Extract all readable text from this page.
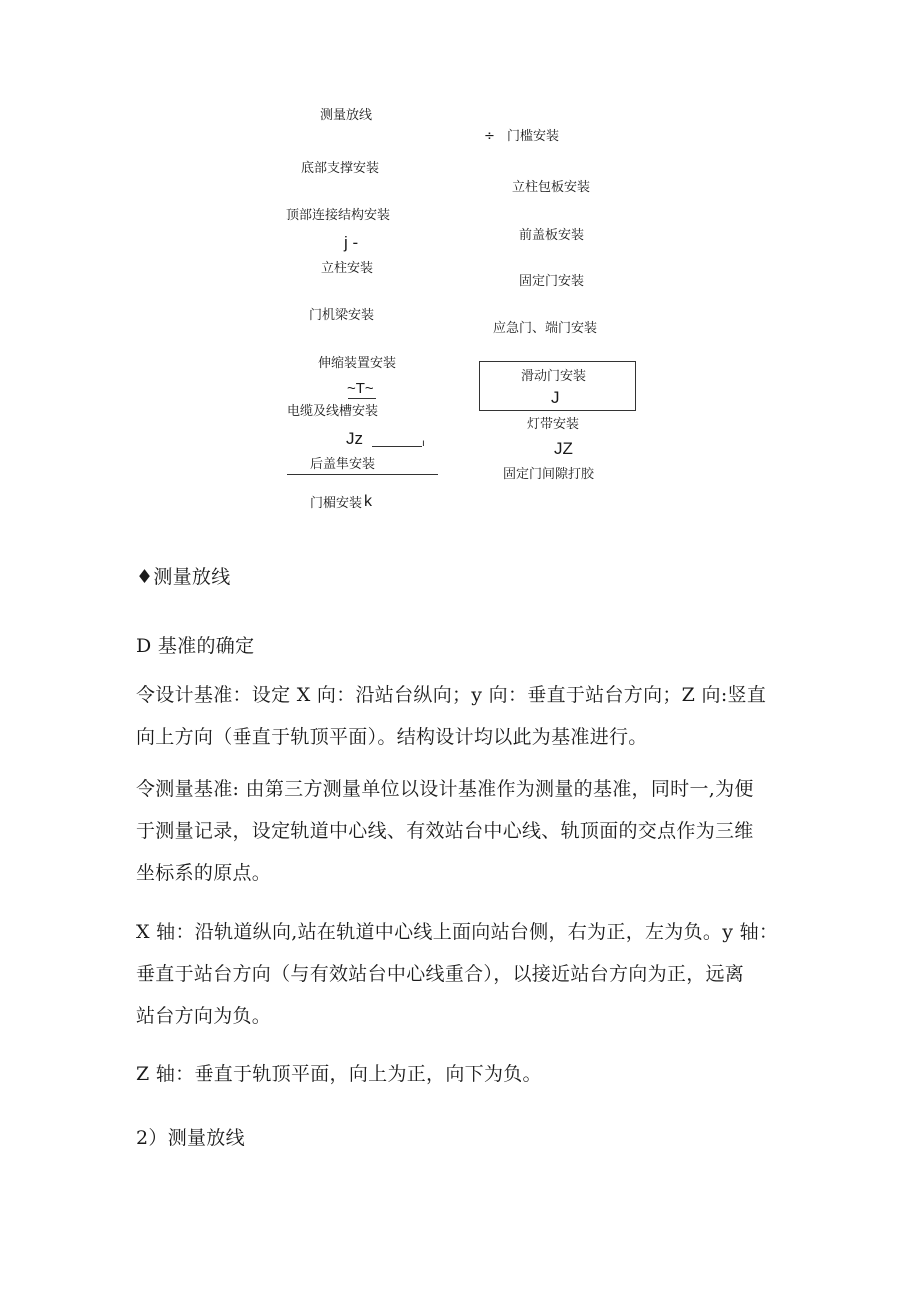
测量放线
底部支撑安装
顶部连接结构安装
j -
立柱安装
门机梁安装
伸缩装置安装
~T~
电缆及线槽安装
Jz	ı
后盖隼安装
门楣安装 k
÷ 门槛安装
立柱包板安装
前盖板安装
固定门安装
应急门、端门安装
滑动门安装
J
灯带安装
JZ
固定门间隙打胶
♦测量放线
D 基准的确定
令设计基准：设定 X 向：沿站台纵向；y 向：垂直于站台方向；Z 向:竖直
向上方向（垂直于轨顶平面）。结构设计均以此为基准进行。
令测量基准: 由第三方测量单位以设计基准作为测量的基准，同时一,为便
于测量记录，设定轨道中心线、有效站台中心线、轨顶面的交点作为三维
坐标系的原点。
X 轴：沿轨道纵向,站在轨道中心线上面向站台侧，右为正，左为负。y 轴：
垂直于站台方向（与有效站台中心线重合），以接近站台方向为正，远离
站台方向为负。
Z 轴：垂直于轨顶平面，向上为正，向下为负。
2）测量放线
